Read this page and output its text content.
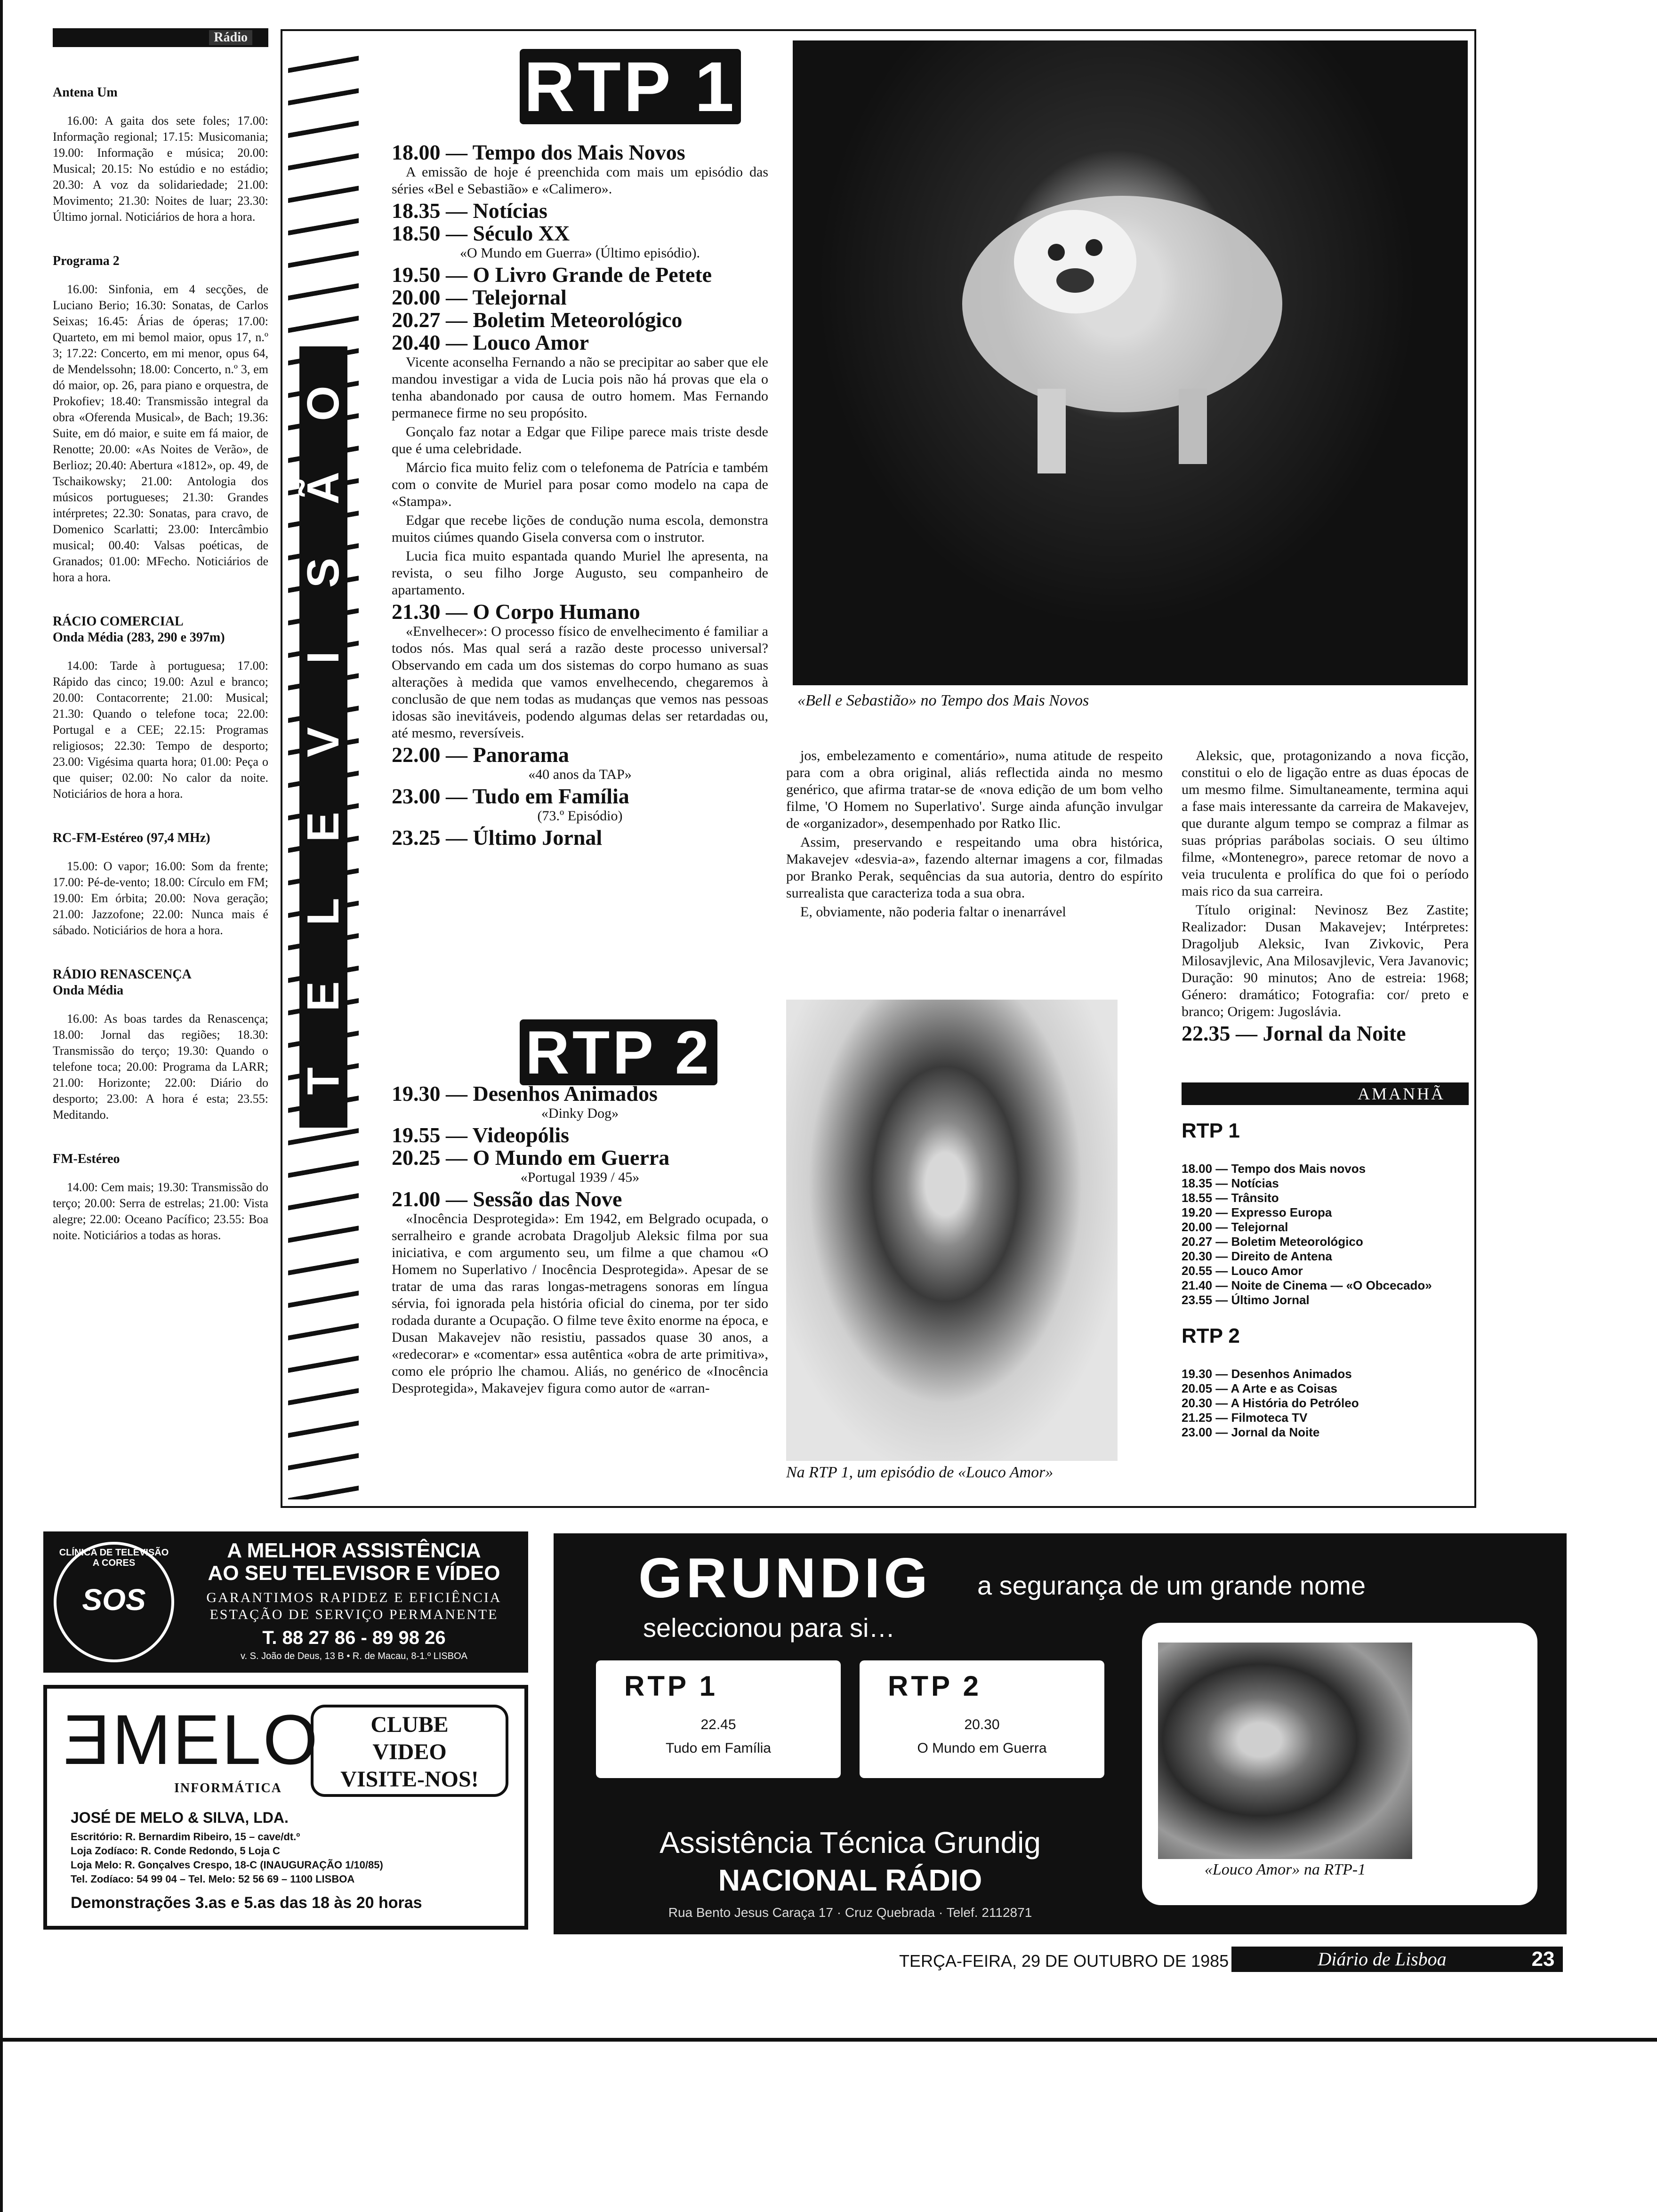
Rádio
Antena Um

16.00: A gaita dos sete foles; 17.00: Informação regional; 17.15: Musicomania; 19.00: Informação e música; 20.00: Musical; 20.15: No estúdio e no estádio; 20.30: A voz da solidariedade; 21.00: Movimento; 21.30: Noites de luar; 23.30: Último jornal. Noticiários de hora a hora.

Programa 2

16.00: Sinfonia, em 4 secções, de Luciano Berio; 16.30: Sonatas, de Carlos Seixas; 16.45: Árias de óperas; 17.00: Quarteto, em mi bemol maior, opus 17, n.º 3; 17.22: Concerto, em mi menor, opus 64, de Mendelssohn; 18.00: Concerto, n.º 3, em dó maior, op. 26, para piano e orquestra, de Prokofiev; 18.40: Transmissão integral da obra «Oferenda Musical», de Bach; 19.36: Suite, em dó maior, e suite em fá maior, de Renotte; 20.00: «As Noites de Verão», de Berlioz; 20.40: Abertura «1812», op. 49, de Tschaikowsky; 21.00: Antologia dos músicos portugueses; 21.30: Grandes intérpretes; 22.30: Sonatas, para cravo, de Domenico Scarlatti; 23.00: Intercâmbio musical; 00.40: Valsas poéticas, de Granados; 01.00: MFecho. Noticiários de hora a hora.

RÁCIO COMERCIAL
Onda Média (283, 290 e 397m)

14.00: Tarde à portuguesa; 17.00: Rápido das cinco; 19.00: Azul e branco; 20.00: Contacorrente; 21.00: Musical; 21.30: Quando o telefone toca; 22.00: Portugal e a CEE; 22.15: Programas religiosos; 22.30: Tempo de desporto; 23.00: Vigésima quarta hora; 01.00: Peça o que quiser; 02.00: No calor da noite. Noticiários de hora a hora.

RC-FM-Estéreo (97,4 MHz)

15.00: O vapor; 16.00: Som da frente; 17.00: Pé-de-vento; 18.00: Círculo em FM; 19.00: Em órbita; 20.00: Nova geração; 21.00: Jazzofone; 22.00: Nunca mais é sábado. Noticiários de hora a hora.

RÁDIO RENASCENÇA
Onda Média

16.00: As boas tardes da Renascença; 18.00: Jornal das regiões; 18.30: Transmissão do terço; 19.30: Quando o telefone toca; 20.00: Programa da LARR; 21.00: Horizonte; 22.00: Diário do desporto; 23.00: A hora é esta; 23.55: Meditando.

FM-Estéreo

14.00: Cem mais; 19.30: Transmissão do terço; 20.00: Serra de estrelas; 21.00: Vista alegre; 22.00: Oceano Pacífico; 23.55: Boa noite. Noticiários a todas as horas.

T
E
L
E
V
I
S
Ã
O
RTP 1
18.00 — Tempo dos Mais Novos

A emissão de hoje é preenchida com mais um episódio das séries «Bel e Sebastião» e «Calimero».

18.35 — Notícias
18.50 — Século XX

«O Mundo em Guerra» (Último episódio).

19.50 — O Livro Grande de Petete
20.00 — Telejornal
20.27 — Boletim Meteorológico
20.40 — Louco Amor

Vicente aconselha Fernando a não se precipitar ao saber que ele mandou investigar a vida de Lucia pois não há provas que ela o tenha abandonado por causa de outro homem. Mas Fernando permanece firme no seu propósito.

Gonçalo faz notar a Edgar que Filipe parece mais triste desde que é uma celebridade.

Márcio fica muito feliz com o telefonema de Patrícia e também com o convite de Muriel para posar como modelo na capa de «Stampa».

Edgar que recebe lições de condução numa escola, demonstra muitos ciúmes quando Gisela conversa com o instrutor.

Lucia fica muito espantada quando Muriel lhe apresenta, na revista, o seu filho Jorge Augusto, seu companheiro de apartamento.

21.30 — O Corpo Humano

«Envelhecer»: O processo físico de envelhecimento é familiar a todos nós. Mas qual será a razão deste processo universal? Observando em cada um dos sistemas do corpo humano as suas alterações à medida que vamos envelhecendo, chegaremos à conclusão de que nem todas as mudanças que vemos nas pessoas idosas são inevitáveis, podendo algumas delas ser retardadas ou, até mesmo, reversíveis.

22.00 — Panorama

«40 anos da TAP»

23.00 — Tudo em Família

(73.º Episódio)

23.25 — Último Jornal
RTP 2
19.30 — Desenhos Animados

«Dinky Dog»

19.55 — Videopólis
20.25 — O Mundo em Guerra

«Portugal 1939 / 45»

21.00 — Sessão das Nove

«Inocência Desprotegida»: Em 1942, em Belgrado ocupada, o serralheiro e grande acrobata Dragoljub Aleksic filma por sua iniciativa, e com argumento seu, um filme a que chamou «O Homem no Superlativo / Inocência Desprotegida». Apesar de se tratar de uma das raras longas-metragens sonoras em língua sérvia, foi ignorada pela história oficial do cinema, por ter sido rodada durante a Ocupação. O filme teve êxito enorme na época, e Dusan Makavejev não resistiu, passados quase 30 anos, a «redecorar» e «comentar» essa autêntica «obra de arte primitiva», como ele próprio lhe chamou. Aliás, no genérico de «Inocência Desprotegida», Makavejev figura como autor de «arran-

«Bell e Sebastião» no Tempo dos Mais Novos

jos, embelezamento e comentário», numa atitude de respeito para com a obra original, aliás reflectida ainda no mesmo genérico, que afirma tratar-se de «nova edição de um bom velho filme, 'O Homem no Superlativo'. Surge ainda afunção invulgar de «organizador», desempenhado por Ratko Ilic.

Assim, preservando e respeitando uma obra histórica, Makavejev «desvia-a», fazendo alternar imagens a cor, filmadas por Branko Perak, sequências da sua autoria, dentro do espírito surrealista que caracteriza toda a sua obra.

E, obviamente, não poderia faltar o inenarrável

Na RTP 1, um episódio de «Louco Amor»

Aleksic, que, protagonizando a nova ficção, constitui o elo de ligação entre as duas épocas de um mesmo filme. Simultaneamente, termina aqui a fase mais interessante da carreira de Makavejev, que durante algum tempo se compraz a filmar as suas próprias parábolas sociais. O seu último filme, «Montenegro», parece retomar de novo a veia truculenta e prolífica do que foi o período mais rico da sua carreira.

Título original: Nevinosz Bez Zastite; Realizador: Dusan Makavejev; Intérpretes: Dragoljub Aleksic, Ivan Zivkovic, Pera Milosavjlevic, Ana Milosavjlevic, Vera Javanovic; Duração: 90 minutos; Ano de estreia: 1968; Género: dramático; Fotografia: cor/ preto e branco; Origem: Jugoslávia.

22.35 — Jornal da Noite
AMANHÃ
RTP 1
18.00 — Tempo dos Mais novos
18.35 — Notícias
18.55 — Trânsito
19.20 — Expresso Europa
20.00 — Telejornal
20.27 — Boletim Meteorológico
20.30 — Direito de Antena
20.55 — Louco Amor
21.40 — Noite de Cinema — «O Obcecado»
23.55 — Último Jornal
RTP 2
19.30 — Desenhos Animados
20.05 — A Arte e as Coisas
20.30 — A História do Petróleo
21.25 — Filmoteca TV
23.00 — Jornal da Noite
CLÍNICA DE TELEVISÃO A CORES
SOS
A MELHOR ASSISTÊNCIA
AO SEU TELEVISOR E VÍDEO
GARANTIMOS RAPIDEZ E EFICIÊNCIA
ESTAÇÃO DE SERVIÇO PERMANENTE
T. 88 27 86 - 89 98 26
v. S. João de Deus, 13 B • R. de Macau, 8-1.º LISBOA
ƎMELO
INFORMÁTICA
CLUBE
VIDEO
VISITE-NOS!
JOSÉ DE MELO & SILVA, LDA.
Escritório: R. Bernardim Ribeiro, 15 – cave/dt.º
Loja Zodíaco: R. Conde Redondo, 5 Loja C
Loja Melo: R. Gonçalves Crespo, 18-C (INAUGURAÇÃO 1/10/85)
Tel. Zodíaco: 54 99 04 – Tel. Melo: 52 56 69 – 1100 LISBOA
Demonstrações 3.as e 5.as das 18 às 20 horas
GRUNDIG a segurança de um grande nome
seleccionou para si…
RTP 1
22.45
Tudo em Família
RTP 2
20.30
O Mundo em Guerra
Assistência Técnica Grundig
NACIONAL RÁDIO
Rua Bento Jesus Caraça 17 · Cruz Quebrada · Telef. 2112871
«Louco Amor» na RTP-1
TERÇA-FEIRA, 29 DE OUTUBRO DE 1985	Diário de Lisboa	23
